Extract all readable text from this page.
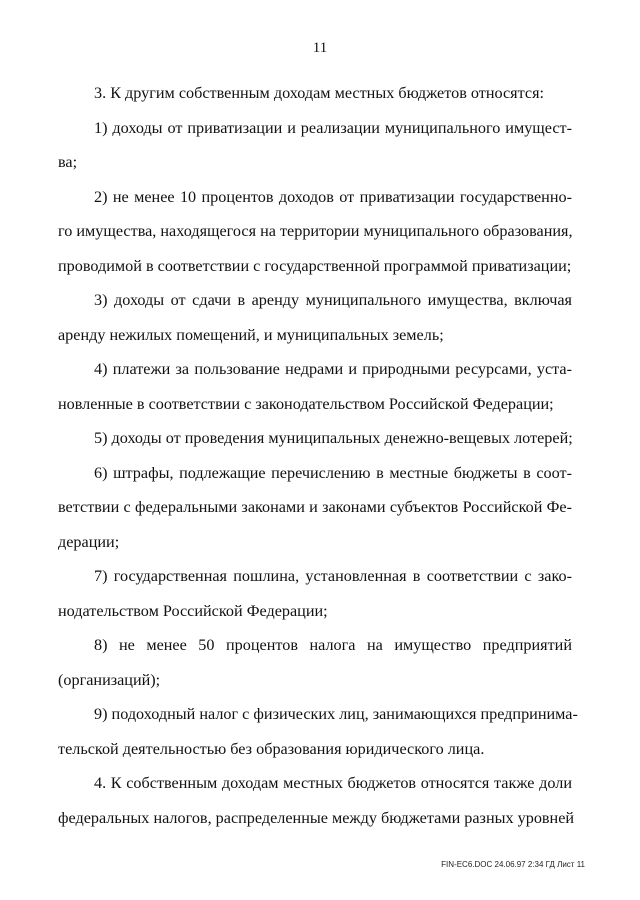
11

3. К другим собственным доходам местных бюджетов относятся:

1) доходы от приватизации и реализации муниципального имущест-
ва;

2) не менее 10 процентов доходов от приватизации государственно-
го имущества, находящегося на территории муниципального образования,
проводимой в соответствии с государственной программой приватизации;

3) доходы от сдачи в аренду муниципального имущества, включая
аренду нежилых помещений, и муниципальных земель;

4) платежи за пользование недрами и природными ресурсами, уста-
новленные в соответствии с законодательством Российской Федерации;

5) доходы от проведения муниципальных денежно-вещевых лотерей;

6) штрафы, подлежащие перечислению в местные бюджеты в соот-
ветствии с федеральными законами и законами субъектов Российской Фе-
дерации;

7) государственная пошлина, установленная в соответствии с зако-
нодательством Российской Федерации;

8) не менее 50 процентов налога на имущество предприятий
(организаций);

9) подоходный налог с физических лиц, занимающихся предпринима-
тельской деятельностью без образования юридического лица.

4. К собственным доходам местных бюджетов относятся также доли
федеральных налогов, распределенные между бюджетами разных уровней

FIN-EC6.DOC 24.06.97 2:34 ГД Лист 11
